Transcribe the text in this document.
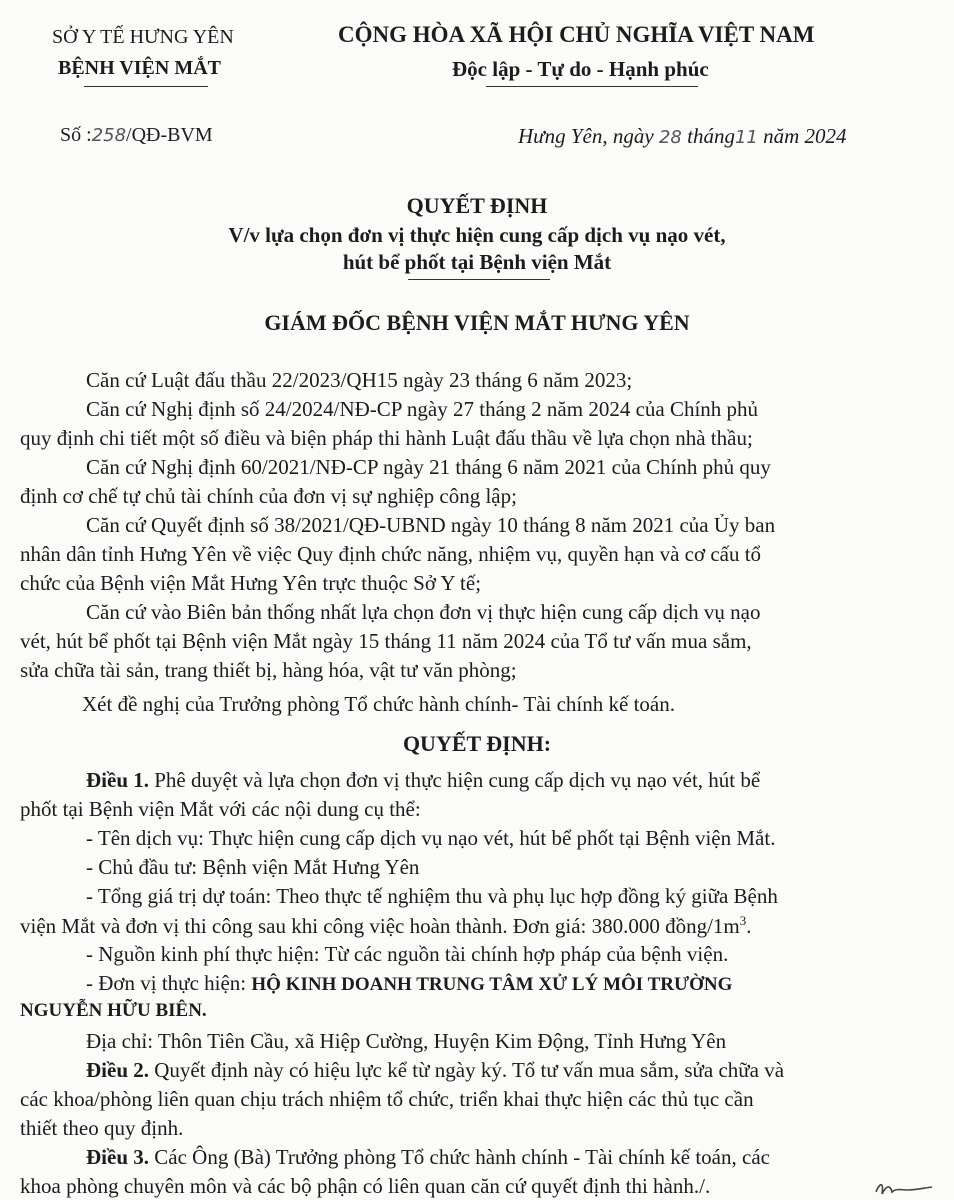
SỞ Y TẾ HƯNG YÊN
BỆNH VIỆN MẮT
CỘNG HÒA XÃ HỘI CHỦ NGHĨA VIỆT NAM
Độc lập - Tự do - Hạnh phúc
Số :258/QĐ-BVM	Hưng Yên, ngày 28 tháng11 năm 2024
QUYẾT ĐỊNH
V/v lựa chọn đơn vị thực hiện cung cấp dịch vụ nạo vét,
hút bể phốt tại Bệnh viện Mắt
GIÁM ĐỐC BỆNH VIỆN MẮT HƯNG YÊN
Căn cứ Luật đấu thầu 22/2023/QH15 ngày 23 tháng 6 năm 2023;
Căn cứ Nghị định số 24/2024/NĐ-CP ngày 27 tháng 2 năm 2024 của Chính phủ
quy định chi tiết một số điều và biện pháp thi hành Luật đấu thầu về lựa chọn nhà thầu;
Căn cứ Nghị định 60/2021/NĐ-CP ngày 21 tháng 6 năm 2021 của Chính phủ quy
định cơ chế tự chủ tài chính của đơn vị sự nghiệp công lập;
Căn cứ Quyết định số 38/2021/QĐ-UBND ngày 10 tháng 8 năm 2021 của Ủy ban
nhân dân tỉnh Hưng Yên về việc Quy định chức năng, nhiệm vụ, quyền hạn và cơ cấu tổ
chức của Bệnh viện Mắt Hưng Yên trực thuộc Sở Y tế;
Căn cứ vào Biên bản thống nhất lựa chọn đơn vị thực hiện cung cấp dịch vụ nạo
vét, hút bể phốt tại Bệnh viện Mắt ngày 15 tháng 11 năm 2024 của Tổ tư vấn mua sắm,
sửa chữa tài sản, trang thiết bị, hàng hóa, vật tư văn phòng;
Xét đề nghị của Trưởng phòng Tổ chức hành chính- Tài chính kế toán.
QUYẾT ĐỊNH:
Điều 1. Phê duyệt và lựa chọn đơn vị thực hiện cung cấp dịch vụ nạo vét, hút bể
phốt tại Bệnh viện Mắt với các nội dung cụ thể:
- Tên dịch vụ: Thực hiện cung cấp dịch vụ nạo vét, hút bể phốt tại Bệnh viện Mắt.
- Chủ đầu tư: Bệnh viện Mắt Hưng Yên
- Tổng giá trị dự toán: Theo thực tế nghiệm thu và phụ lục hợp đồng ký giữa Bệnh
viện Mắt và đơn vị thi công sau khi công việc hoàn thành. Đơn giá: 380.000 đồng/$1m^3$.
- Nguồn kinh phí thực hiện: Từ các nguồn tài chính hợp pháp của bệnh viện.
- Đơn vị thực hiện: HỘ KINH DOANH TRUNG TÂM XỬ LÝ MÔI TRƯỜNG
NGUYỄN HỮU BIÊN.
Địa chỉ: Thôn Tiên Cầu, xã Hiệp Cường, Huyện Kim Động, Tỉnh Hưng Yên
Điều 2. Quyết định này có hiệu lực kể từ ngày ký. Tổ tư vấn mua sắm, sửa chữa và
các khoa/phòng liên quan chịu trách nhiệm tổ chức, triển khai thực hiện các thủ tục cần
thiết theo quy định.
Điều 3. Các Ông (Bà) Trưởng phòng Tổ chức hành chính - Tài chính kế toán, các
khoa phòng chuyên môn và các bộ phận có liên quan căn cứ quyết định thi hành./.
